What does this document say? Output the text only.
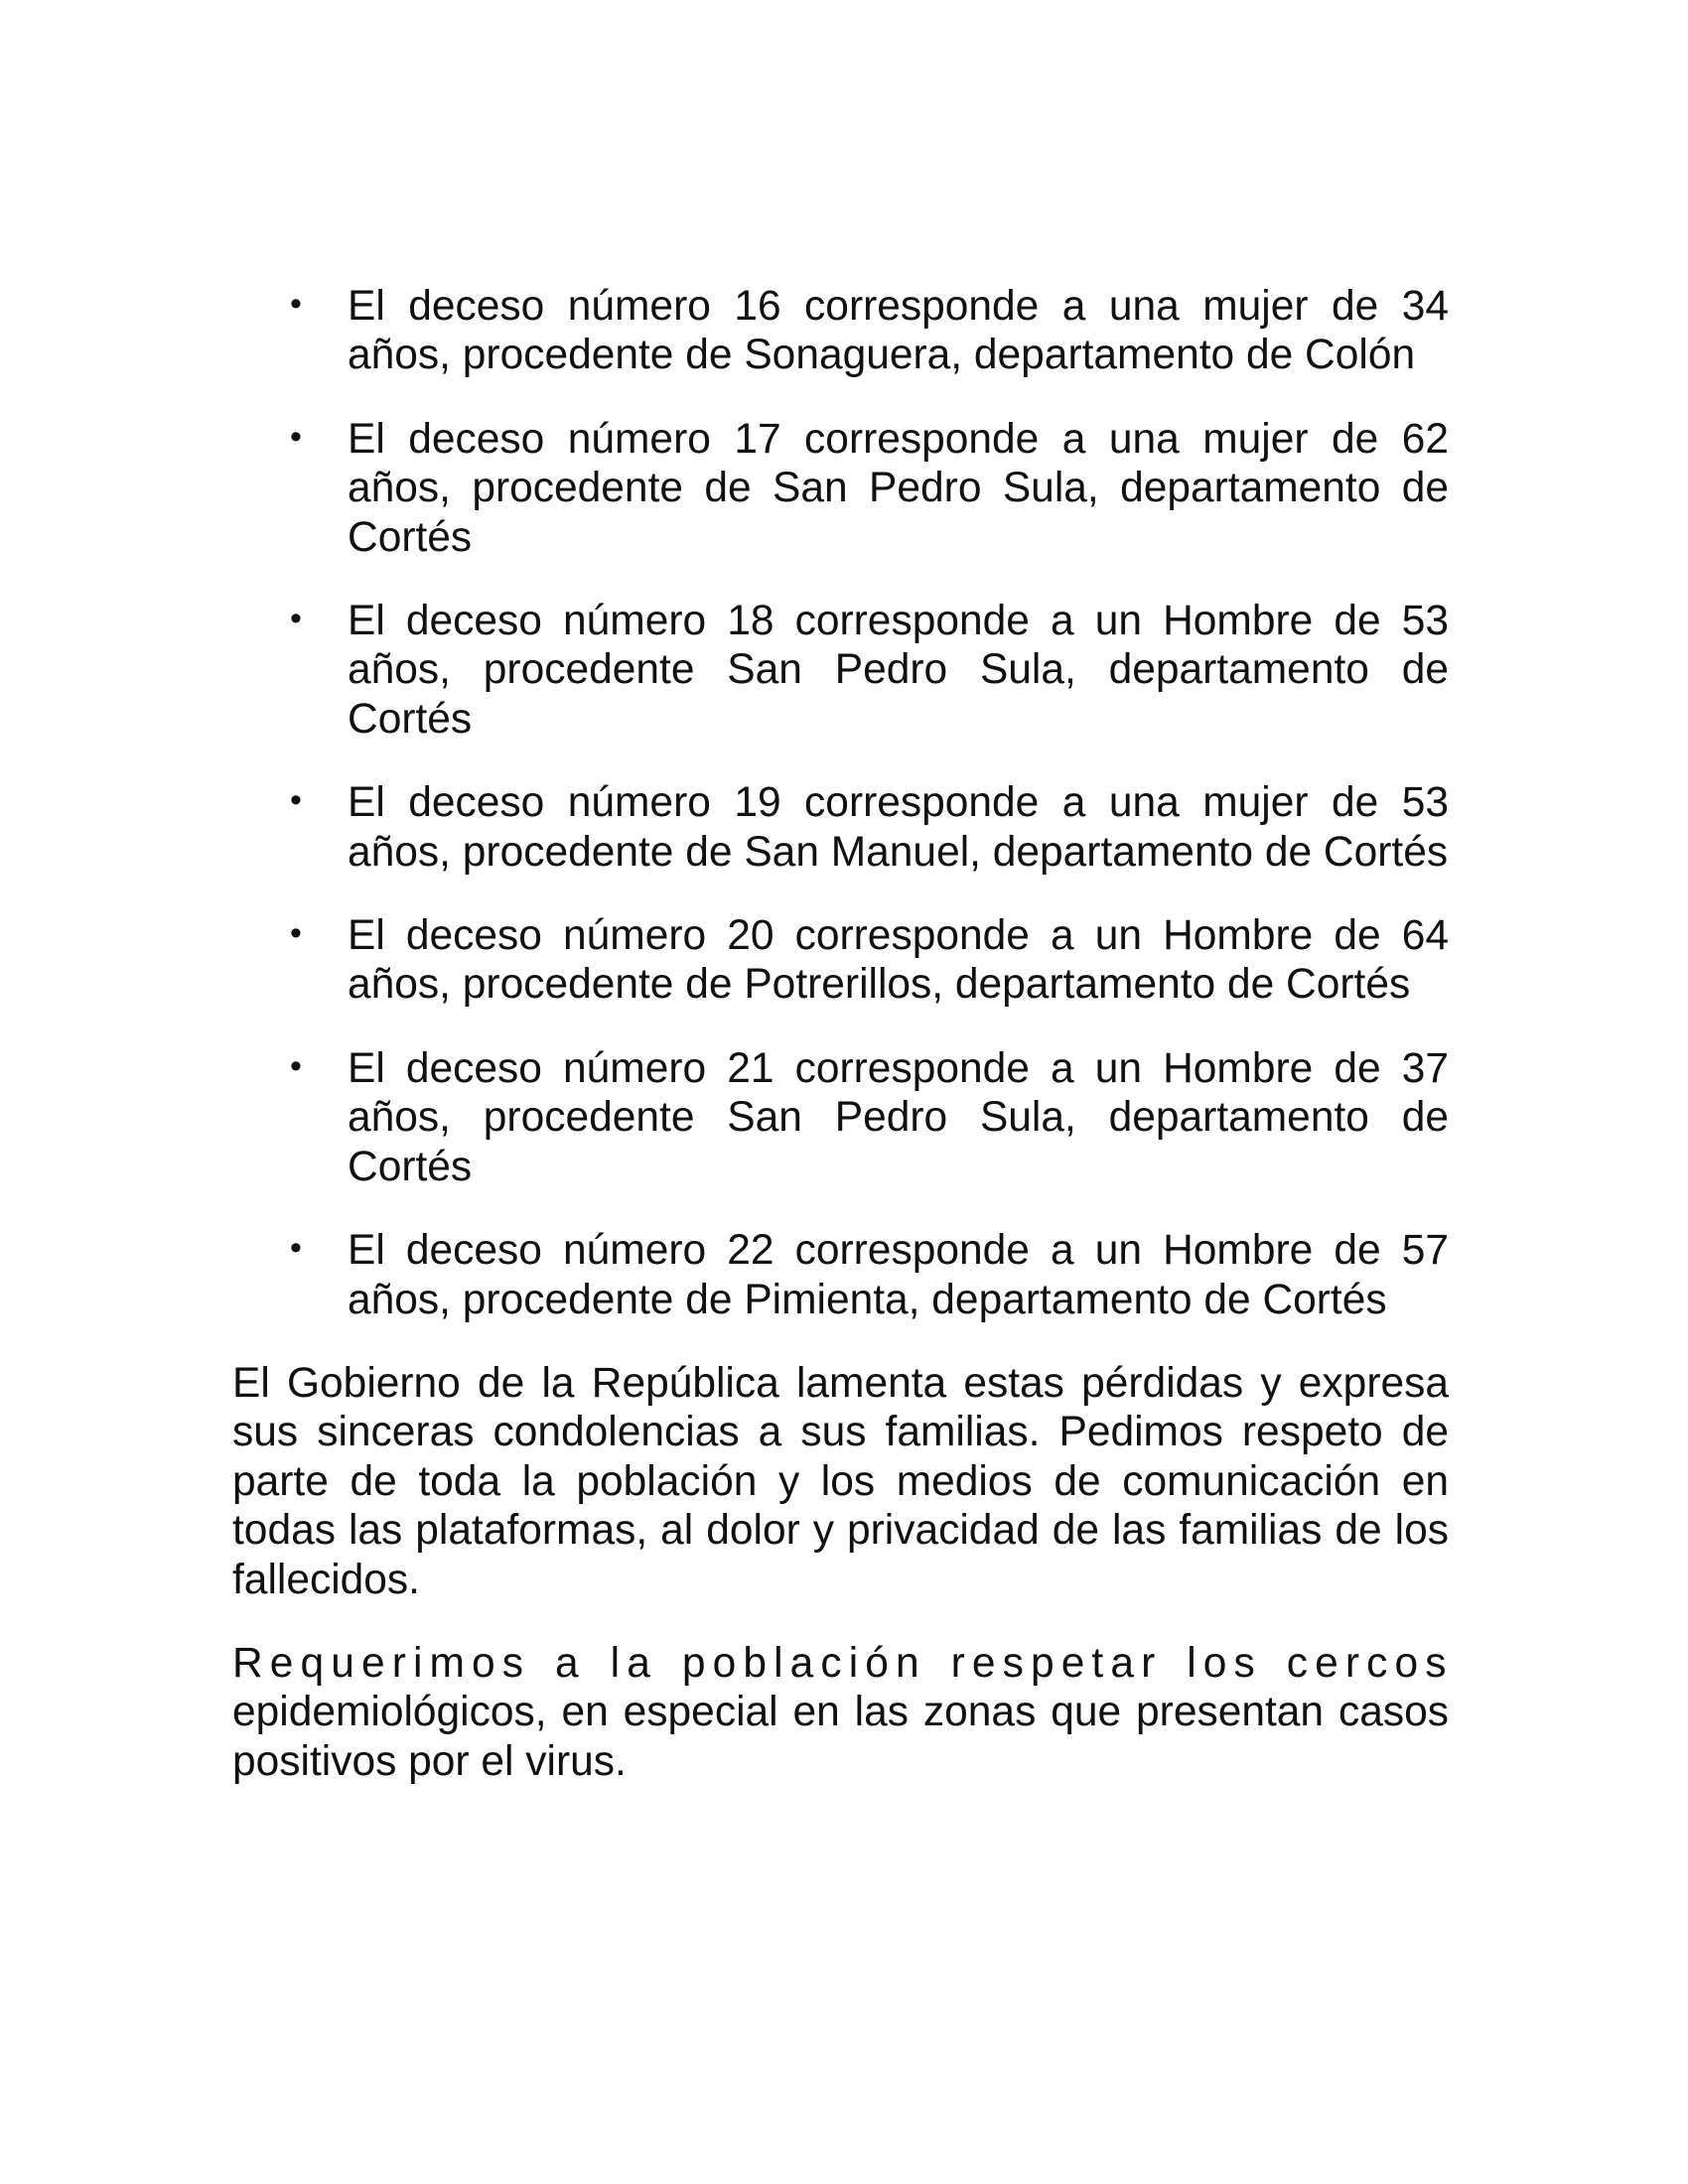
• El deceso número 16 corresponde a una mujer de 34 años, procedente de Sonaguera, departamento de Colón
• El deceso número 17 corresponde a una mujer de 62 años, procedente de San Pedro Sula, departamento de Cortés
• El deceso número 18 corresponde a un Hombre de 53 años, procedente San Pedro Sula, departamento de Cortés
• El deceso número 19 corresponde a una mujer de 53 años, procedente de San Manuel, departamento de Cortés
• El deceso número 20 corresponde a un Hombre de 64 años, procedente de Potrerillos, departamento de Cortés
• El deceso número 21 corresponde a un Hombre de 37 años, procedente San Pedro Sula, departamento de Cortés
• El deceso número 22 corresponde a un Hombre de 57 años, procedente de Pimienta, departamento de Cortés

El Gobierno de la República lamenta estas pérdidas y expresa sus sinceras condolencias a sus familias. Pedimos respeto de parte de toda la población y los medios de comunicación en todas las plataformas, al dolor y privacidad de las familias de los fallecidos.

Requerimos a la población respetar los cercos
epidemiológicos, en especial en las zonas que presentan casos positivos por el virus.
